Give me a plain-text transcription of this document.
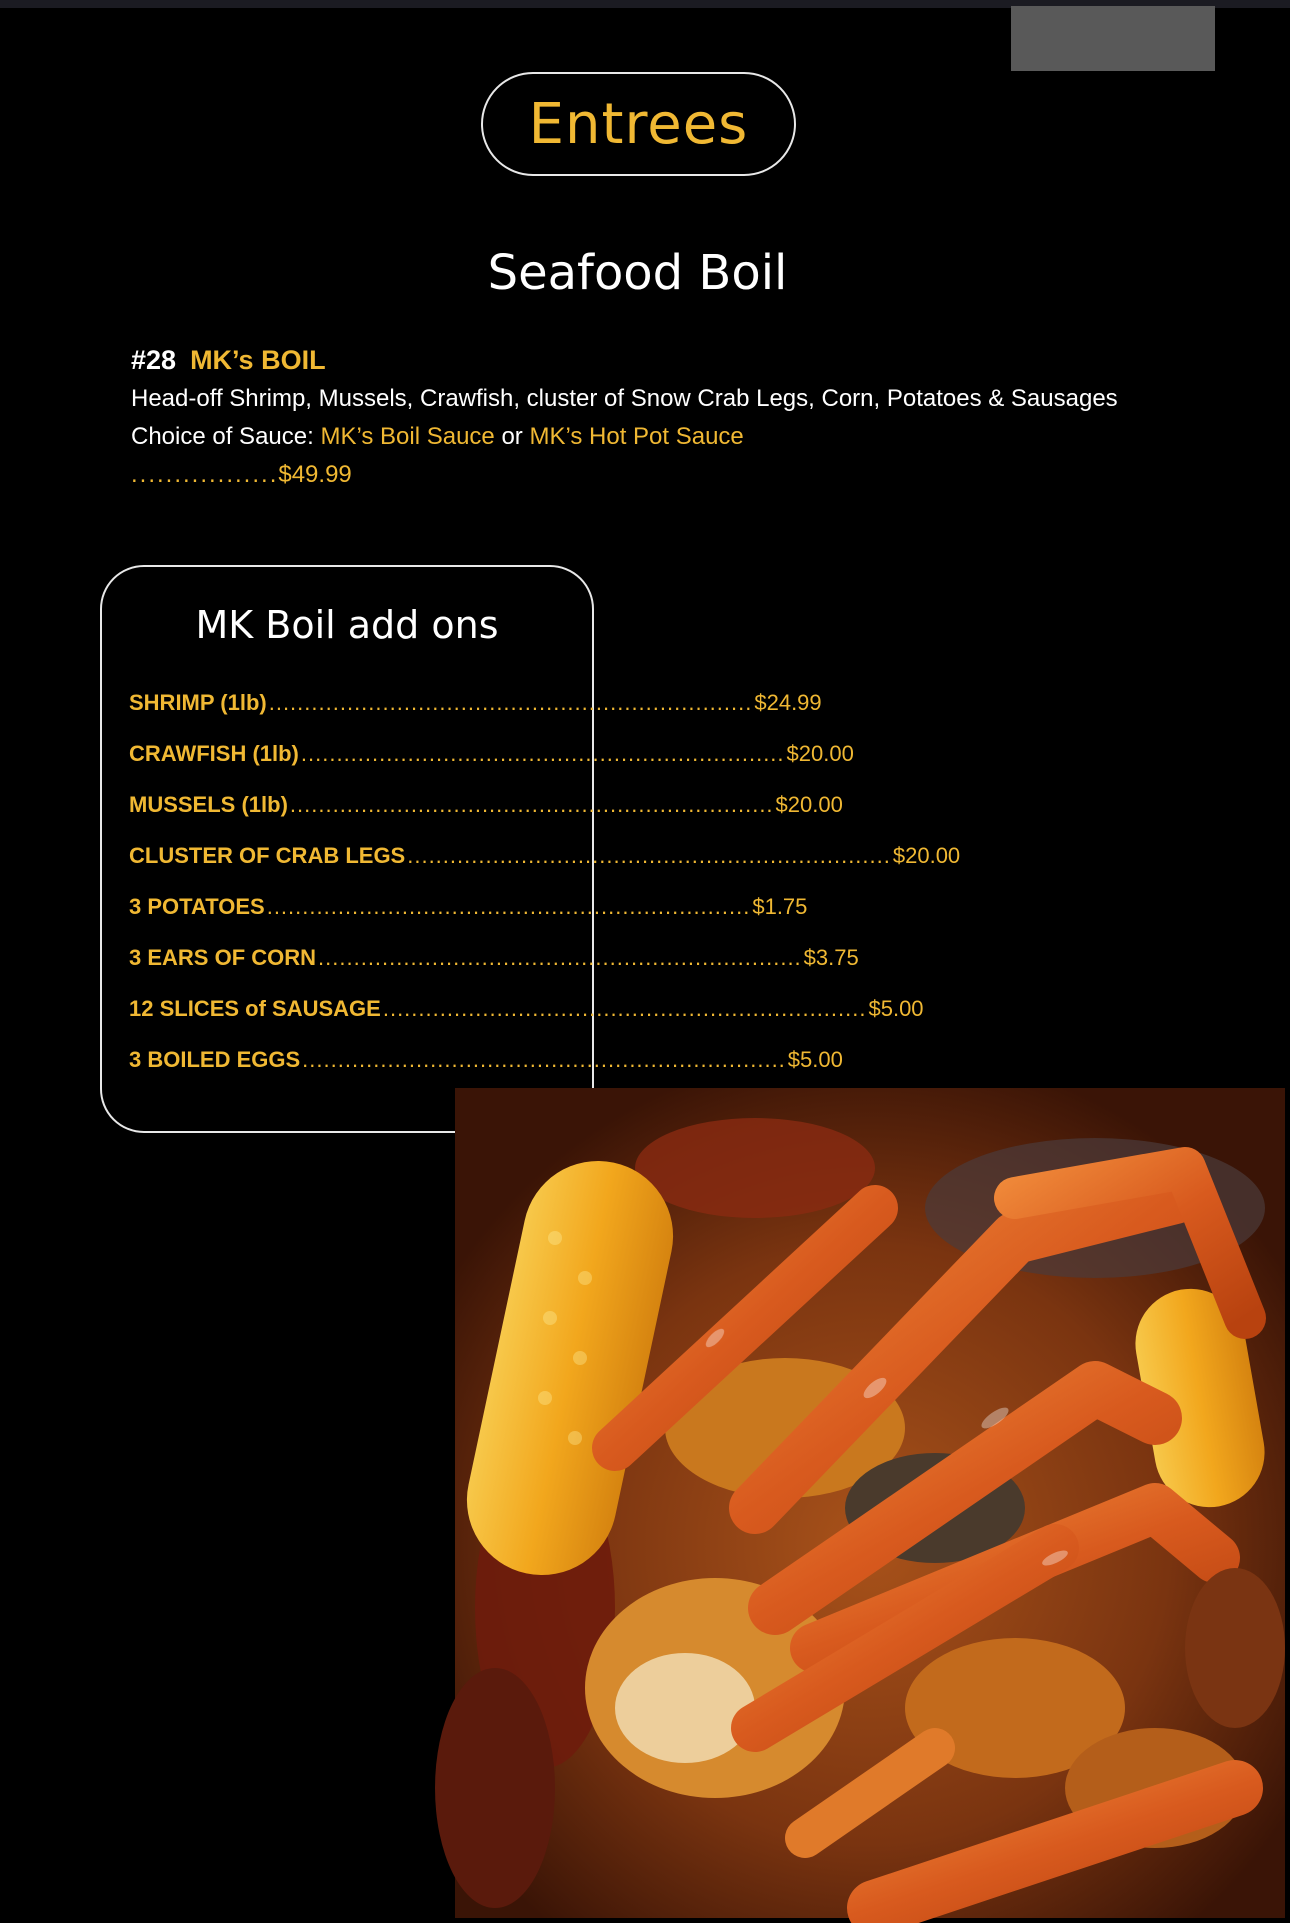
Entrees
Seafood Boil
#28 MK’s BOIL
Head-off Shrimp, Mussels, Crawfish, cluster of Snow Crab Legs, Corn, Potatoes & Sausages
Choice of Sauce: MK’s Boil Sauce or MK’s Hot Pot Sauce
.................$49.99
MK Boil add ons
SHRIMP (1lb) .................................................................... $24.99
CRAWFISH (1lb) .................................................................... $20.00
MUSSELS (1lb) .................................................................... $20.00
CLUSTER OF CRAB LEGS .................................................................... $20.00
3 POTATOES .................................................................... $1.75
3 EARS OF CORN .................................................................... $3.75
12 SLICES of SAUSAGE .................................................................... $5.00
3 BOILED EGGS .................................................................... $5.00
